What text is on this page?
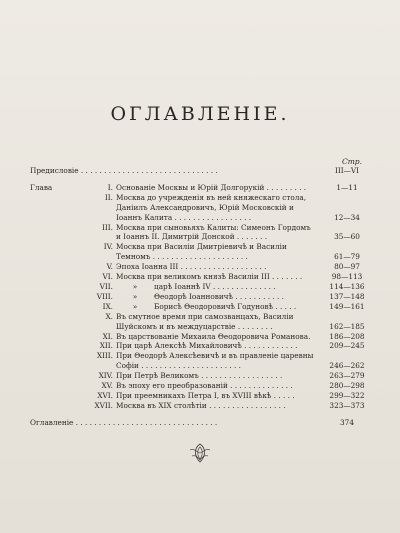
ОГЛАВЛЕНІЕ.
Стр.
Предисловіе . . . . . . . . . . . . . . . . . . . . . . . . . . . . . .	III—VI
Глава	I. Основаніе Москвы и Юрій Долгорукій . . . . . . . . .	1—11
II. Москва до учрежденія въ ней княжескаго стола,
Даніилъ Александровичъ, Юрій Московскій и
Іоаннъ Калита . . . . . . . . . . . . . . . . .	12—34
III. Москва при сыновьяхъ Калиты: Симеонъ Гордомъ
и Іоаннъ II. Димитрій Донской . . . . . . .	35—60
IV. Москва при Василіи Дмитріевичѣ и Василіи
Темномъ . . . . . . . . . . . . . . . . . . . . .	61—79
V. Эпоха Іоанна III . . . . . . . . . . . . . . . . . . .	80—97
VI. Москва при великомъ князѣ Василіи III . . . . . . .	98—113
VII.	» царѣ Іоаннѣ IV . . . . . . . . . . . . . .	114—136
VIII.	» Θеодорѣ Іоанновичѣ . . . . . . . . . . .	137—148
IX.	» Борисѣ Θеодоровичѣ Годуновѣ . . . . .	149—161
X. Въ смутное время при самозванцахъ, Василіи
Шуйскомъ и въ междуцарствіе . . . . . . . .	162—185
XI. Въ царствованіе Михаила Θеодоровича Романова.	186—208
XII. При царѣ Алексѣѣ Михайловичѣ . . . . . . . . . . . .	209—245
XIII. При Θеодорѣ Алексѣевичѣ и въ правленіе царевны
Софіи . . . . . . . . . . . . . . . . . . . . . .	246—262
XIV. При Петрѣ Великомъ . . . . . . . . . . . . . . . . . .	263—279
XV. Въ эпоху его преобразованій . . . . . . . . . . . . . .	280—298
XVI. При преемникахъ Петра I, въ XVIII вѣкѣ . . . . .	299—322
XVII. Москва въ XIX столѣтіи . . . . . . . . . . . . . . . . .	323—373
Оглавленіе . . . . . . . . . . . . . . . . . . . . . . . . . . . . . . .	374
